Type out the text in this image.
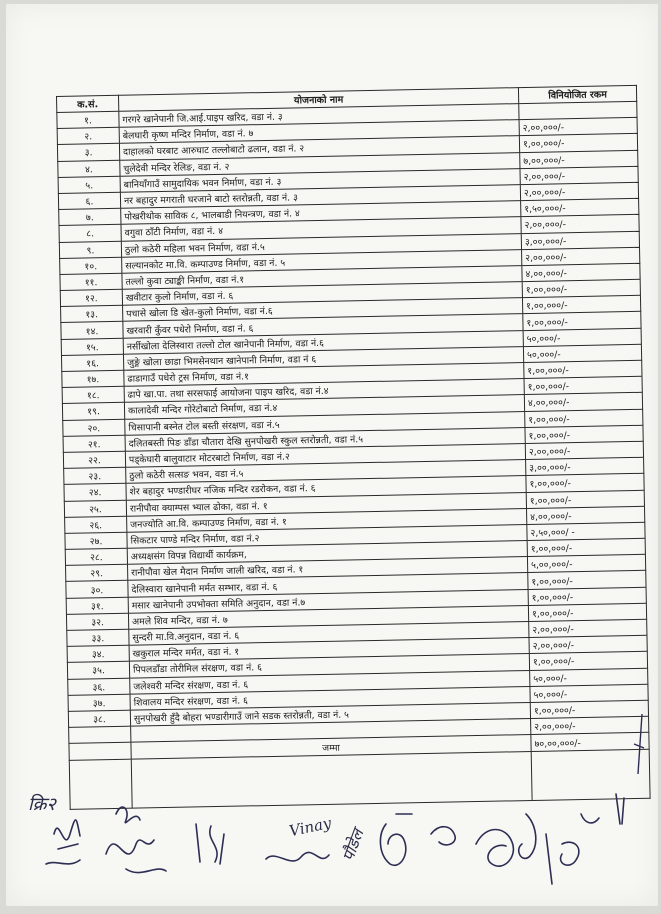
क.सं.	योजनाको नाम	विनियोजित रकम
१.	गरगरे खानेपानी जि.आई.पाइप खरिद, वडा नं. ३	
२.	बेलघारी कृष्ण मन्दिर निर्माण, वडा नं. ७	२,००,०००/-
३.	दाहालको घरबाट आरुघाट तल्लोबाटो ढलान, वडा नं. २	१,००,०००/-
४.	चुलेदेवी मन्दिर रेलिङ, वडा नं. २	७,००,०००/-
५.	बानियाँगाउँ सामुदायिक भवन निर्माण, वडा नं. ३	२,००,०००/-
६.	नर बहादुर मगराती घरजाने बाटो स्तरोन्नती, वडा नं. ३	२,००,०००/-
७.	पोखरीथोक साविक ८, भालबाडी नियन्त्रण, वडा नं. ४	१,५०,०००/-
८.	वगुवा ठाँटी निर्माण, वडा नं. ४	२,००,०००/-
९.	ठुलो कठेरी महिला भवन निर्माण, वडा नं.५	३,००,०००/-
१०.	सल्यानकोट मा.वि. कम्पाउण्ड निर्माण, वडा नं. ५	२,००,०००/-
११.	तल्लो कुवा ट्याङ्की निर्माण, वडा नं.१	४,००,०००/-
१२.	खवीटार कुलो निर्माण, वडा नं. ६	१,००,०००/-
१३.	पचासे खोला डि खेत-कुलो निर्माण, वडा नं.६	१,००,०००/-
१४.	खरवारी कुँवर पधेरो निर्माण, वडा नं. ६	१,००,०००/-
१५.	नर्सीखोला देलिस्वारा तल्लो टोल खानेपानी निर्माण, वडा नं.६	५०,०००/-
१६.	जुङ्गे खोला छाडा भिमसेनथान खानेपानी निर्माण, वडा नं ६	५०,०००/-
१७.	ढाडागाउँ पधेरो ट्रस निर्माण, वडा नं.१	१,००,०००/-
१८.	ढापे खा.पा. तथा सरसफाई आयोजना पाइप खरिद, वडा नं.४	१,००,०००/-
१९.	कालादेवी मन्दिर गोरेटोबाटो निर्माण, वडा नं.४	४,००,०००/-
२०.	चिसापानी बस्नेत टोल बस्ती संरक्षण, वडा नं.५	१,००,०००/-
२१.	दलितबस्ती पिङ डाँडा चौतारा देखि सुनपोखरी स्कुल स्तरोन्नती, वडा नं.५	१,००,०००/-
२२.	पड्केघारी बालुवाटार मोटरबाटो निर्माण, वडा नं.२	२,००,०००/-
२३.	ठुलो कठेरी सत्सङ भवन, वडा नं.५	३,००,०००/-
२४.	शेर बहादुर भण्डारीघर नजिक मन्दिर रडरोकन, वडा नं. ६	१,००,०००/-
२५.	रानीपौवा क्याम्पस भ्याल ढोका, वडा नं. १	१,००,०००/-
२६.	जनज्योति आ.वि. कम्पाउण्ड निर्माण, वडा नं. १	४,००,०००/-
२७.	सिकटार पाण्डे मन्दिर निर्माण, वडा नं.२	२,५०,०००/ -
२८.	अध्यक्षसंग विपन्न विद्यार्थी कार्यक्रम,	१,००,०००/-
२९.	रानीपौवा खेल मैदान निर्माण जाली खरिद, वडा नं. १	५,००,०००/-
३०.	देलिस्वारा खानेपानी मर्मत सम्भार, वडा नं. ६	१,००,०००/-
३१.	मसार खानेपानी उपभोक्ता समिति अनुदान, वडा नं.७	१,००,०००/-
३२.	अमले शिव मन्दिर, वडा नं. ७	१,००,०००/-
३३.	सुन्दरी मा.वि.अनुदान, वडा नं. ६	२,००,०००/-
३४.	खकुराल मन्दिर मर्मत, वडा नं. १	२,००,०००/-
३५.	पिपलडाँडा तोरीमिल संरक्षण, वडा नं. ६	१,००,०००/-
३६.	जलेश्वरी मन्दिर संरक्षण, वडा नं. ६	५०,०००/-
३७.	शिवालय मन्दिर संरक्षण, वडा नं. ६	५०,०००/-
३८.	सुनपोखरी हुँदै बोहरा भण्डारीगाउँ जाने सडक स्तरोन्नती, वडा नं. ५	१,००,०००/-
		२,००,०००/-
	जम्मा	७०,००,०००/-

क्रि२
Vinay पौडेल
